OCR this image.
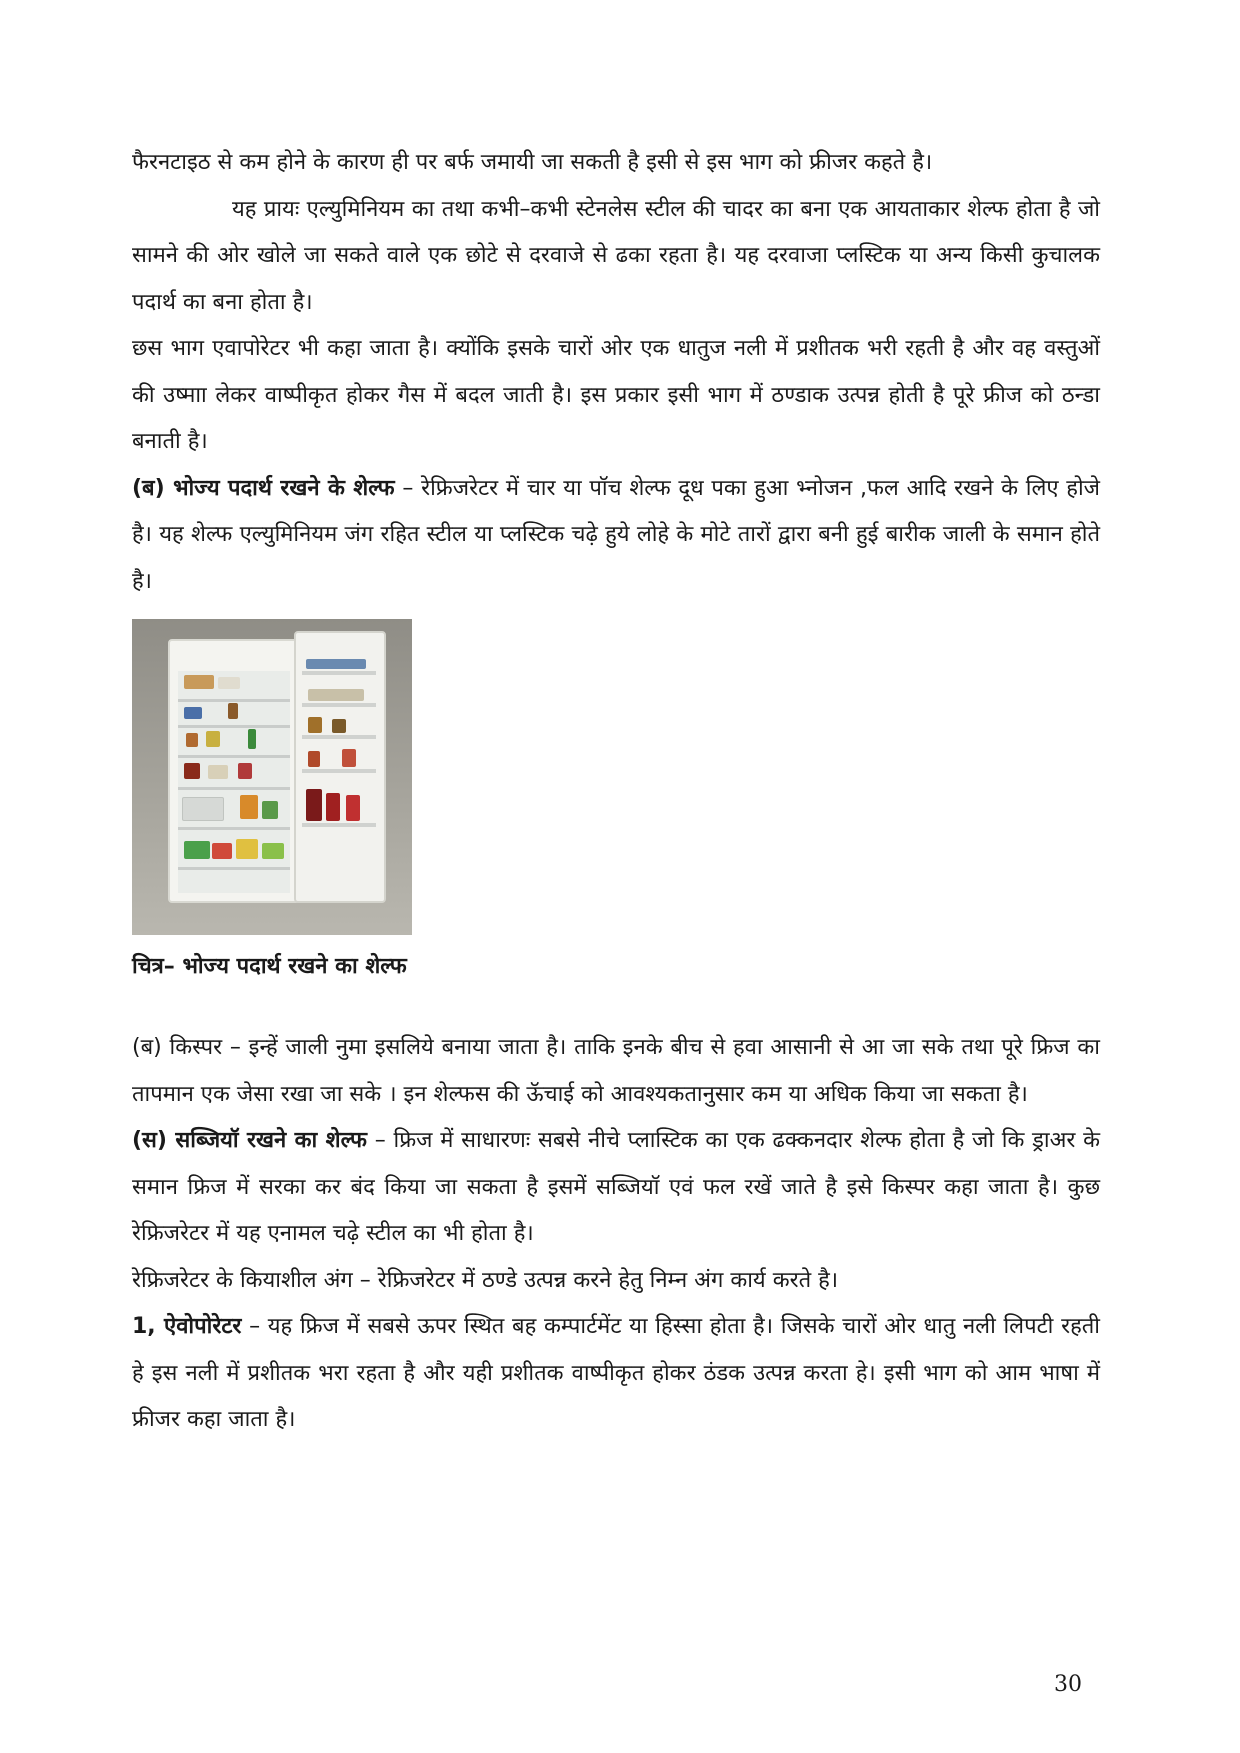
फैरनटाइठ से कम होने के कारण ही पर बर्फ जमायी जा सकती है इसी से इस भाग को फ्रीजर कहते है।

यह प्रायः एल्युमिनियम का तथा कभी–कभी स्टेनलेस स्टील की चादर का बना एक आयताकार शेल्फ होता है जो सामने की ओर खोले जा सकते वाले एक छोटे से दरवाजे से ढका रहता है। यह दरवाजा प्लस्टिक या अन्य किसी कुचालक पदार्थ का बना होता है।

छस भाग एवापोरेटर भी कहा जाता है। क्योंकि इसके चारों ओर एक धातुज नली में प्रशीतक भरी रहती है और वह वस्तुओं की उष्माा लेकर वाष्पीकृत होकर गैस में बदल जाती है। इस प्रकार इसी भाग में ठण्डाक उत्पन्न होती है पूरे फ्रीज को ठन्डा बनाती है।

(ब) भोज्य पदार्थ रखने के शेल्फ – रेफ्रिजरेटर में चार या पॉच शेल्फ दूध पका हुआ भ्नोजन ,फल आदि रखने के लिए होजे है। यह शेल्फ एल्युमिनियम जंग रहित स्टील या प्लस्टिक चढ़े हुये लोहे के मोटे तारों द्वारा बनी हुई बारीक जाली के समान होते है।

चित्र– भोज्य पदार्थ रखने का शेल्फ

(ब) किस्पर – इन्हें जाली नुमा इसलिये बनाया जाता है। ताकि इनके बीच से हवा आसानी से आ जा सके तथा पूरे फ्रिज का तापमान एक जेसा रखा जा सके । इन शेल्फस की ऊॅचाई को आवश्यकतानुसार कम या अधिक किया जा सकता है।

(स) सब्जियॉ रखने का शेल्फ – फ्रिज में साधारणः सबसे नीचे प्लास्टिक का एक ढक्कनदार शेल्फ होता है जो कि ड्राअर के समान फ्रिज में सरका कर बंद किया जा सकता है इसमें सब्जियॉ एवं फल रखें जाते है इसे किस्पर कहा जाता है। कुछ रेफ्रिजरेटर में यह एनामल चढ़े स्टील का भी होता है।

रेफ्रिजरेटर के कियाशील अंग – रेफ्रिजरेटर में ठण्डे उत्पन्न करने हेतु निम्न अंग कार्य करते है।

1, ऐवोपोरेटर – यह फ्रिज में सबसे ऊपर स्थित बह कम्पार्टमेंट या हिस्सा होता है। जिसके चारों ओर धातु नली लिपटी रहती हे इस नली में प्रशीतक भरा रहता है और यही प्रशीतक वाष्पीकृत होकर ठंडक उत्पन्न करता हे। इसी भाग को आम भाषा में फ्रीजर कहा जाता है।

30
